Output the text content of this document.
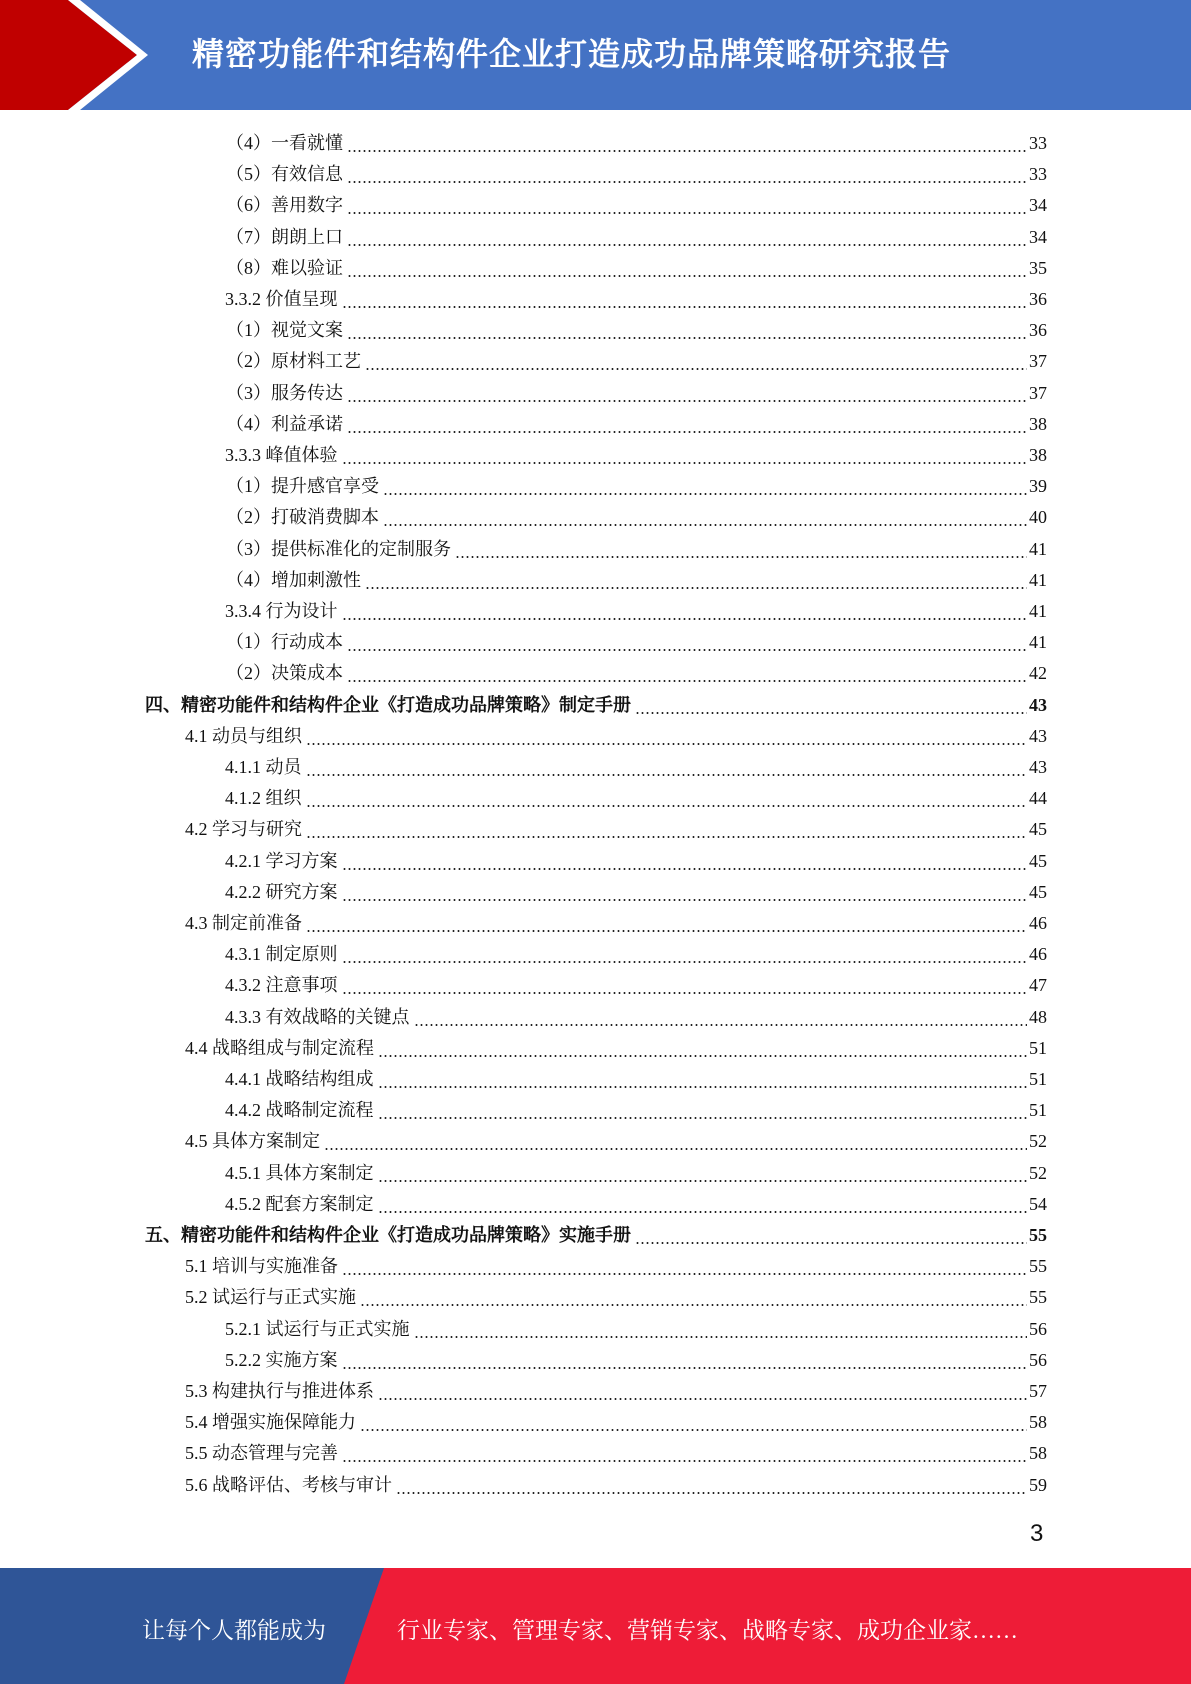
精密功能件和结构件企业打造成功品牌策略研究报告
（4）一看就懂	33
（5）有效信息	33
（6）善用数字	34
（7）朗朗上口	34
（8）难以验证	35
3.3.2 价值呈现	36
（1）视觉文案	36
（2）原材料工艺	37
（3）服务传达	37
（4）利益承诺	38
3.3.3 峰值体验	38
（1）提升感官享受	39
（2）打破消费脚本	40
（3）提供标准化的定制服务	41
（4）增加刺激性	41
3.3.4 行为设计	41
（1）行动成本	41
（2）决策成本	42
四、精密功能件和结构件企业《打造成功品牌策略》制定手册	43
4.1 动员与组织	43
4.1.1 动员	43
4.1.2 组织	44
4.2 学习与研究	45
4.2.1 学习方案	45
4.2.2 研究方案	45
4.3 制定前准备	46
4.3.1 制定原则	46
4.3.2 注意事项	47
4.3.3 有效战略的关键点	48
4.4 战略组成与制定流程	51
4.4.1 战略结构组成	51
4.4.2 战略制定流程	51
4.5 具体方案制定	52
4.5.1 具体方案制定	52
4.5.2 配套方案制定	54
五、精密功能件和结构件企业《打造成功品牌策略》实施手册	55
5.1 培训与实施准备	55
5.2 试运行与正式实施	55
5.2.1 试运行与正式实施	56
5.2.2 实施方案	56
5.3 构建执行与推进体系	57
5.4 增强实施保障能力	58
5.5 动态管理与完善	58
5.6 战略评估、考核与审计	59
3
让每个人都能成为	行业专家、管理专家、营销专家、战略专家、成功企业家……
